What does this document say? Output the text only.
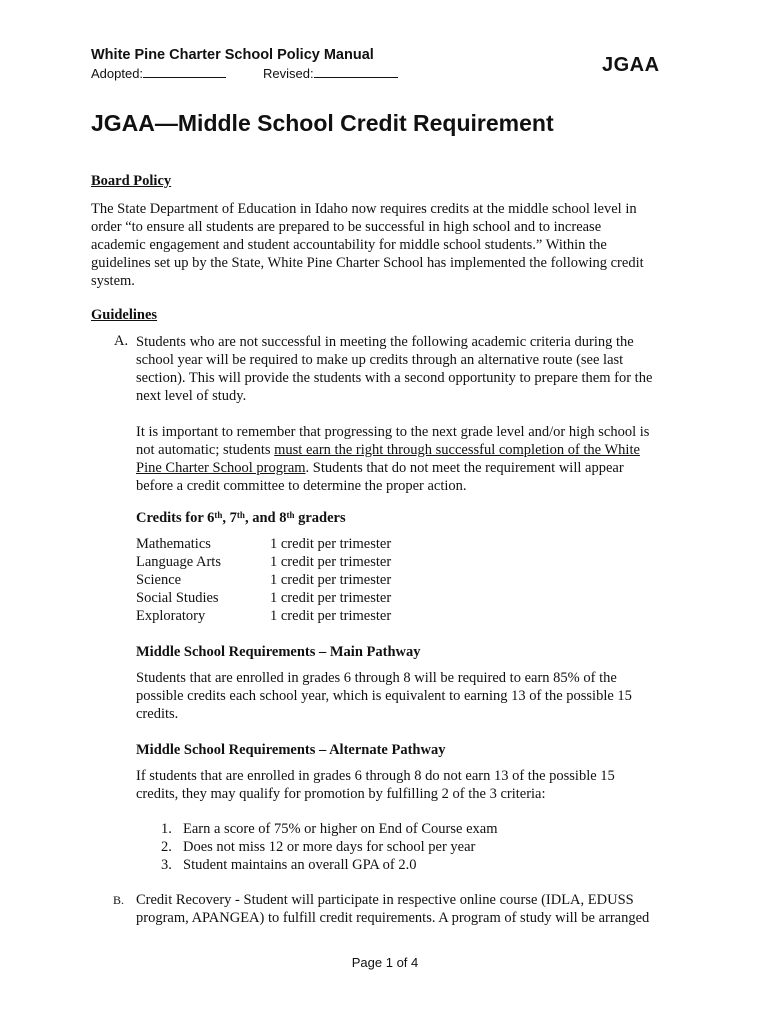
White Pine Charter School Policy Manual
Adopted:	Revised:	JGAA
JGAA—Middle School Credit Requirement
Board Policy
The State Department of Education in Idaho now requires credits at the middle school level in
order “to ensure all students are prepared to be successful in high school and to increase
academic engagement and student accountability for middle school students.” Within the
guidelines set up by the State, White Pine Charter School has implemented the following credit
system.
Guidelines
A. Students who are not successful in meeting the following academic criteria during the
school year will be required to make up credits through an alternative route (see last
section). This will provide the students with a second opportunity to prepare them for the
next level of study.
It is important to remember that progressing to the next grade level and/or high school is
not automatic; students must earn the right through successful completion of the White
Pine Charter School program. Students that do not meet the requirement will appear
before a credit committee to determine the proper action.
Credits for 6th, 7th, and 8th graders
Mathematics	1 credit per trimester
Language Arts	1 credit per trimester
Science	1 credit per trimester
Social Studies	1 credit per trimester
Exploratory	1 credit per trimester
Middle School Requirements – Main Pathway
Students that are enrolled in grades 6 through 8 will be required to earn 85% of the
possible credits each school year, which is equivalent to earning 13 of the possible 15
credits.
Middle School Requirements – Alternate Pathway
If students that are enrolled in grades 6 through 8 do not earn 13 of the possible 15
credits, they may qualify for promotion by fulfilling 2 of the 3 criteria:
1. Earn a score of 75% or higher on End of Course exam
2. Does not miss 12 or more days for school per year
3. Student maintains an overall GPA of 2.0
B. Credit Recovery - Student will participate in respective online course (IDLA, EDUSS
program, APANGEA) to fulfill credit requirements. A program of study will be arranged
Page 1 of 4
